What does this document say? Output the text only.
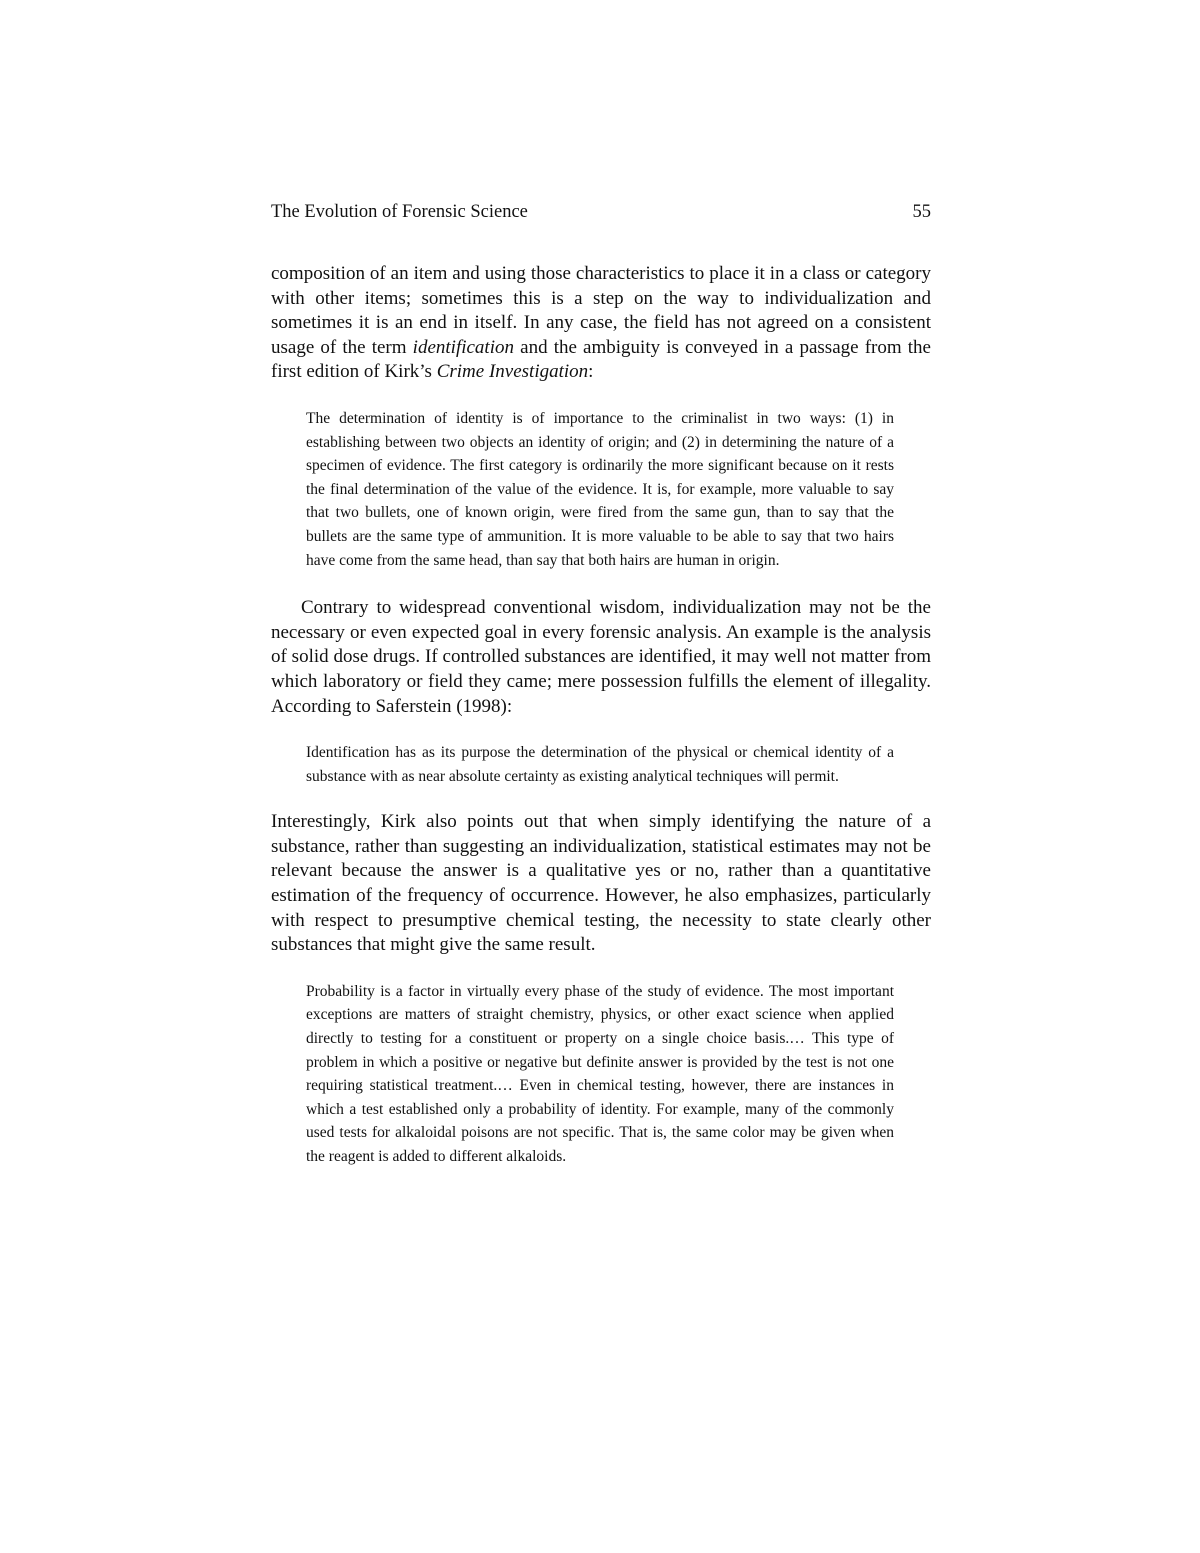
The Evolution of Forensic Science	55

composition of an item and using those characteristics to place it in a class or category with other items; sometimes this is a step on the way to individualization and sometimes it is an end in itself. In any case, the field has not agreed on a consistent usage of the term identification and the ambiguity is conveyed in a passage from the first edition of Kirk’s Crime Investigation:

The determination of identity is of importance to the criminalist in two ways: (1) in establishing between two objects an identity of origin; and (2) in determining the nature of a specimen of evidence. The first category is ordinarily the more significant because on it rests the final determination of the value of the evidence. It is, for example, more valuable to say that two bullets, one of known origin, were fired from the same gun, than to say that the bullets are the same type of ammunition. It is more valuable to be able to say that two hairs have come from the same head, than say that both hairs are human in origin.

Contrary to widespread conventional wisdom, individualization may not be the necessary or even expected goal in every forensic analysis. An example is the analysis of solid dose drugs. If controlled substances are identified, it may well not matter from which laboratory or field they came; mere possession fulfills the element of illegality. According to Saferstein (1998):

Identification has as its purpose the determination of the physical or chemical identity of a substance with as near absolute certainty as existing analytical techniques will permit.

Interestingly, Kirk also points out that when simply identifying the nature of a substance, rather than suggesting an individualization, statistical estimates may not be relevant because the answer is a qualitative yes or no, rather than a quantitative estimation of the frequency of occurrence. However, he also emphasizes, particularly with respect to presumptive chemical testing, the necessity to state clearly other substances that might give the same result.

Probability is a factor in virtually every phase of the study of evidence. The most important exceptions are matters of straight chemistry, physics, or other exact science when applied directly to testing for a constituent or property on a single choice basis.… This type of problem in which a positive or negative but definite answer is provided by the test is not one requiring statistical treatment.… Even in chemical testing, however, there are instances in which a test established only a probability of identity. For example, many of the commonly used tests for alkaloidal poisons are not specific. That is, the same color may be given when the reagent is added to different alkaloids.
